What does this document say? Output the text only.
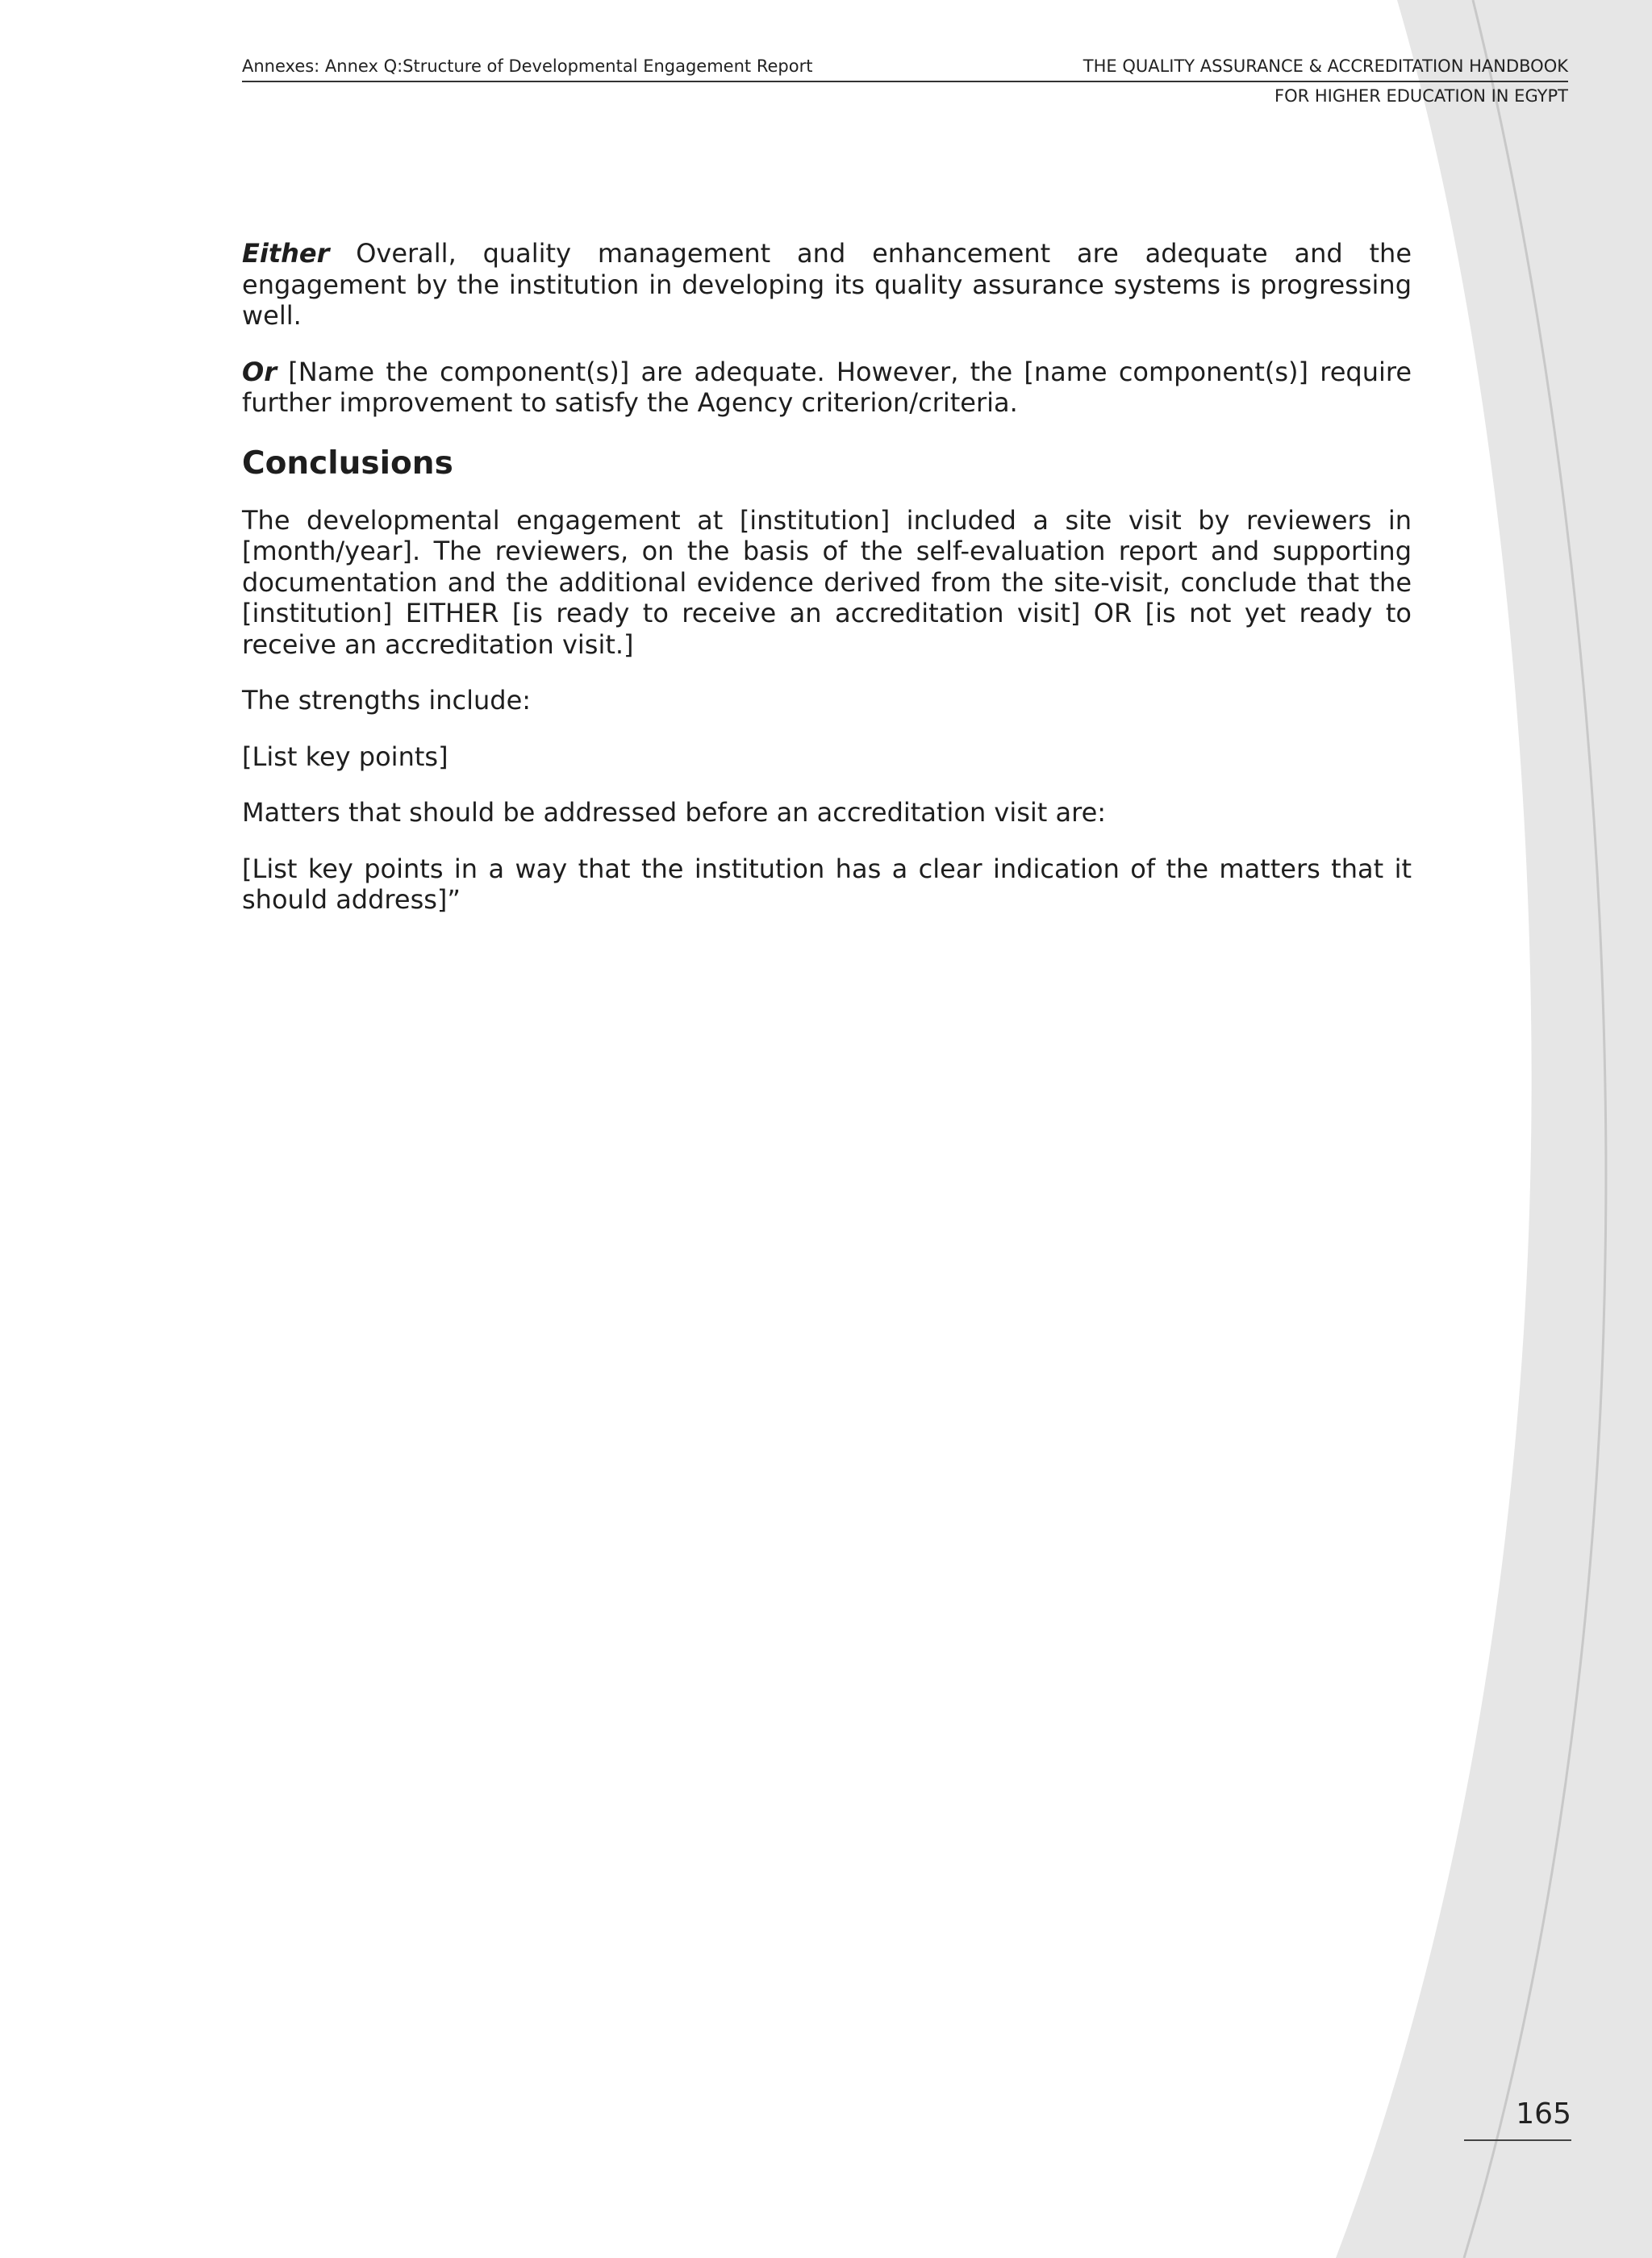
Annexes: Annex Q:Structure of Developmental Engagement Report	THE QUALITY ASSURANCE & ACCREDITATION HANDBOOK
FOR HIGHER EDUCATION IN EGYPT

Either Overall, quality management and enhancement are adequate and the engagement by the institution in developing its quality assurance systems is progressing well.

Or [Name the component(s)] are adequate. However, the [name component(s)] require further improvement to satisfy the Agency criterion/criteria.

Conclusions

The developmental engagement at [institution] included a site visit by reviewers in [month/year]. The reviewers, on the basis of the self-evaluation report and supporting documentation and the additional evidence derived from the site-visit, conclude that the [institution] EITHER [is ready to receive an accreditation visit] OR [is not yet ready to receive an accreditation visit.]

The strengths include:

[List key points]

Matters that should be addressed before an accreditation visit are:

[List key points in a way that the institution has a clear indication of the matters that it should address]”

165
